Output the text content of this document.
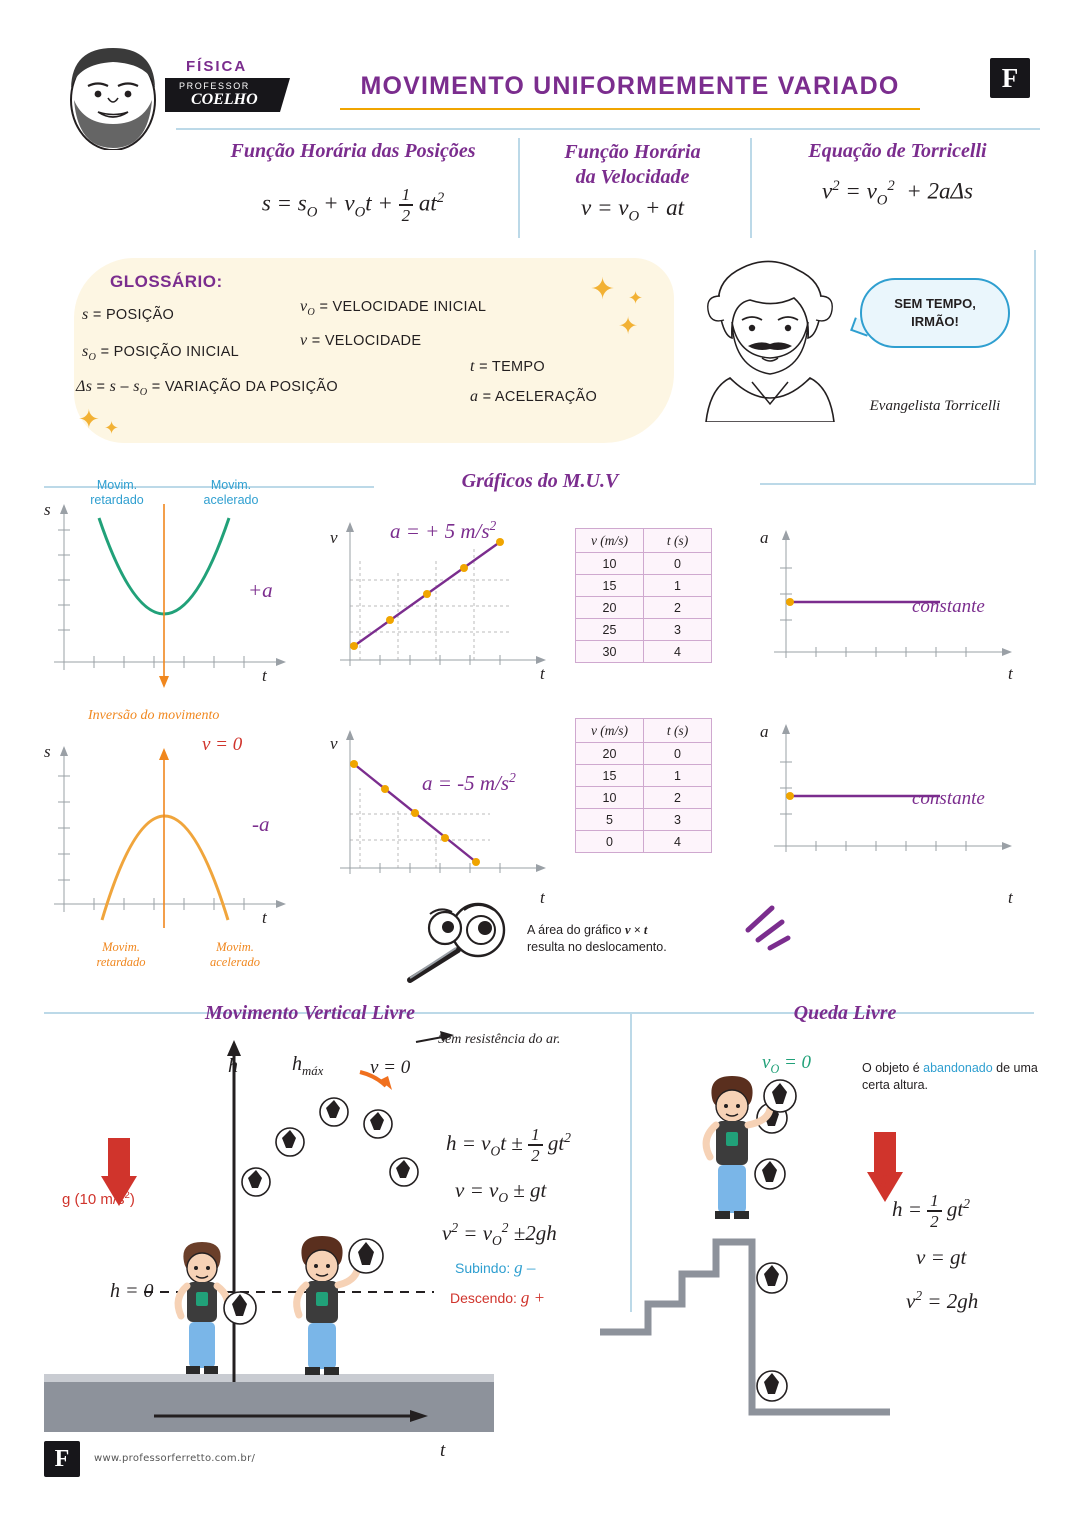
FÍSICA
PROFESSOR
COELHO	MOVIMENTO UNIFORMEMENTE VARIADO	F
Função Horária das Posições
$s = s_O + v_Ot + \frac{1}{2} at^2$
Função Horária
da Velocidade
$v = v_O$ + at
Equação de Torricelli
$v^2 = v_O^2 + 2a\Delta s$
GLOSSÁRIO:
s = POSIÇÃO
$s_O$ = POSIÇÃO INICIAL
$\Delta s = s - s_O$ = VARIAÇÃO DA POSIÇÃO
$v_O$ = VELOCIDADE INICIAL
v = VELOCIDADE
t = TEMPO
a = ACELERAÇÃO
✦ ✦
✦
✦ ✦
SEM TEMPO,
IRMÃO!
Evangelista Torricelli
Gráficos do M.U.V
Movim.
retardado
Movim.
acelerado
s
t
+a
v
t
a = + 5 $m/s^2$
v (m/s)	t (s)
10	0
15	1
20	2
25	3
30	4
a
t
constante
Inversão do movimento
v = 0
s
t
-a
Movim.
retardado
Movim.
acelerado
v
t
a = -5 $m/s^2$
v (m/s)	t (s)
20	0
15	1
10	2
5	3
0	4
a
t
constante
A área do gráfico v × t
resulta no deslocamento.
Movimento Vertical Livre	Queda Livre
g (10 $m/s^2$)
h	$h_{máx}$ v = 0
Sem resistência do ar.
h = 0
t
$h = v_Ot \pm \frac{1}{2} gt^2$
$v = v_O$ ± gt
$v^2 = v_O^2 \pm 2gh$
Subindo: g –
Descendo: g +
$v_O = 0$	O objeto é abandonado de uma certa altura.
g
$h = \frac{1}{2} gt^2$
v = gt
$v^2 = 2gh$
F	www.professorferretto.com.br/
